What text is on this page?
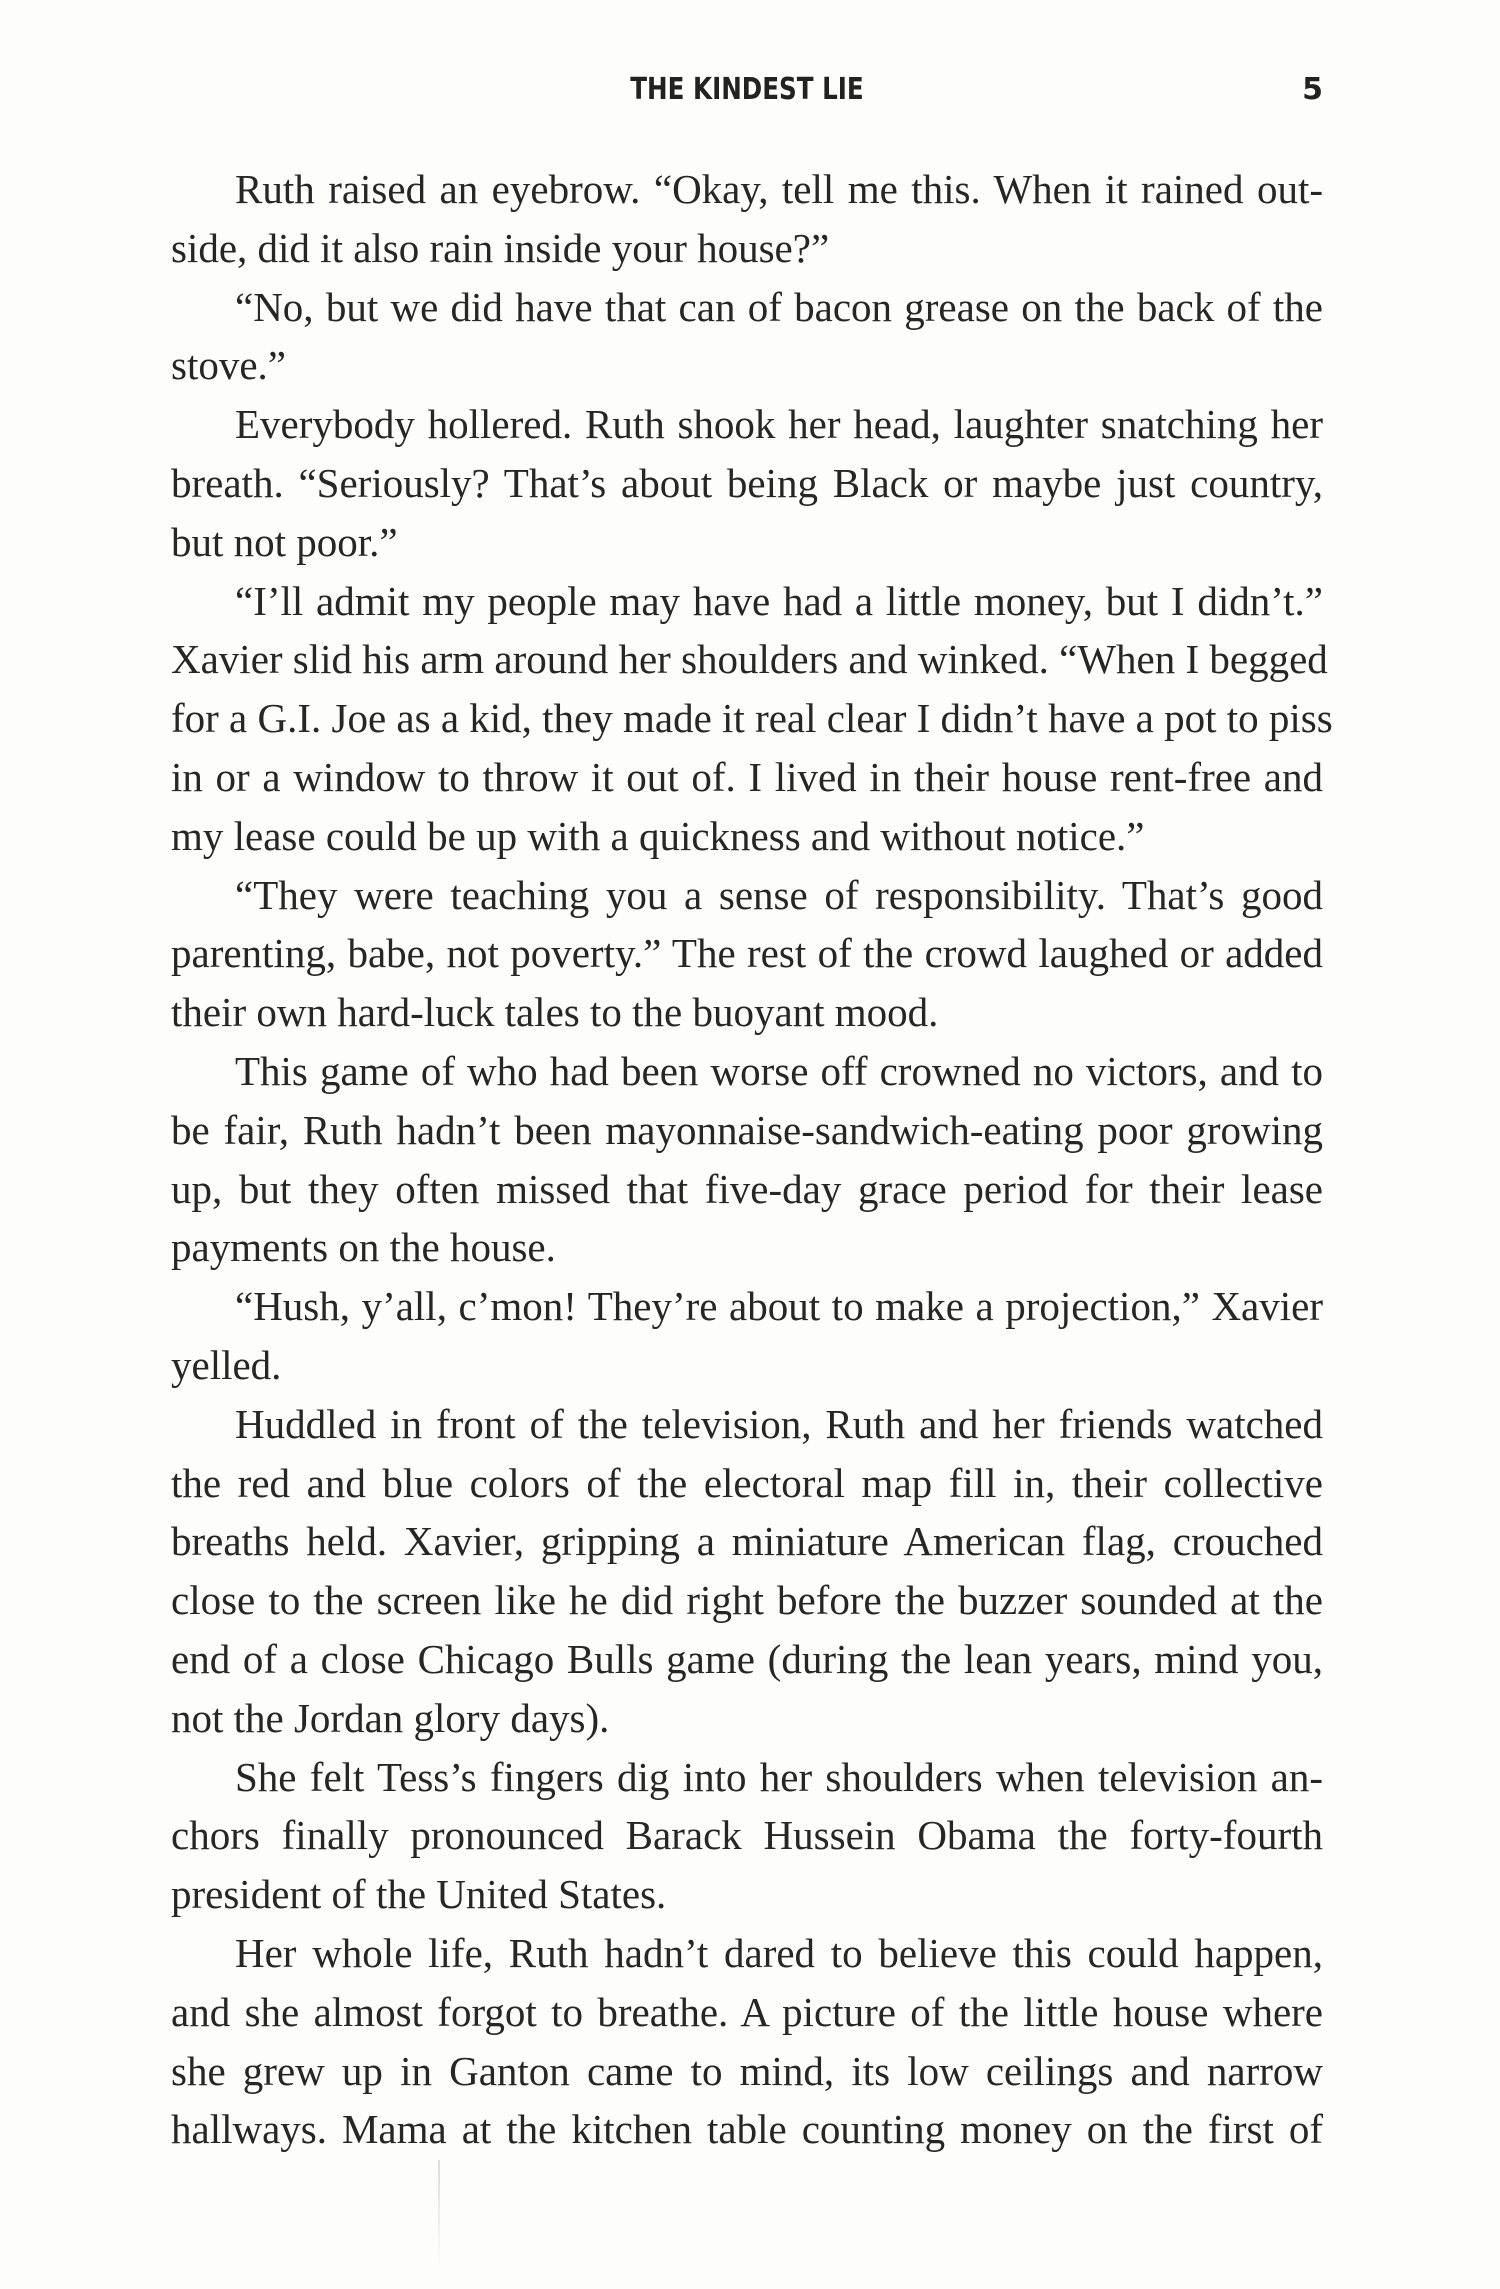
THE KINDEST LIE	5
Ruth raised an eyebrow. “Okay, tell me this. When it rained out-
side, did it also rain inside your house?”
“No, but we did have that can of bacon grease on the back of the
stove.”
Everybody hollered. Ruth shook her head, laughter snatching her
breath. “Seriously? That’s about being Black or maybe just country,
but not poor.”
“I’ll admit my people may have had a little money, but I didn’t.”
Xavier slid his arm around her shoulders and winked. “When I begged
for a G.I. Joe as a kid, they made it real clear I didn’t have a pot to piss
in or a window to throw it out of. I lived in their house rent-free and
my lease could be up with a quickness and without notice.”
“They were teaching you a sense of responsibility. That’s good
parenting, babe, not poverty.” The rest of the crowd laughed or added
their own hard-luck tales to the buoyant mood.
This game of who had been worse off crowned no victors, and to
be fair, Ruth hadn’t been mayonnaise-sandwich-eating poor growing
up, but they often missed that five-day grace period for their lease
payments on the house.
“Hush, y’all, c’mon! They’re about to make a projection,” Xavier
yelled.
Huddled in front of the television, Ruth and her friends watched
the red and blue colors of the electoral map fill in, their collective
breaths held. Xavier, gripping a miniature American flag, crouched
close to the screen like he did right before the buzzer sounded at the
end of a close Chicago Bulls game (during the lean years, mind you,
not the Jordan glory days).
She felt Tess’s fingers dig into her shoulders when television an-
chors finally pronounced Barack Hussein Obama the forty-fourth
president of the United States.
Her whole life, Ruth hadn’t dared to believe this could happen,
and she almost forgot to breathe. A picture of the little house where
she grew up in Ganton came to mind, its low ceilings and narrow
hallways. Mama at the kitchen table counting money on the first of
